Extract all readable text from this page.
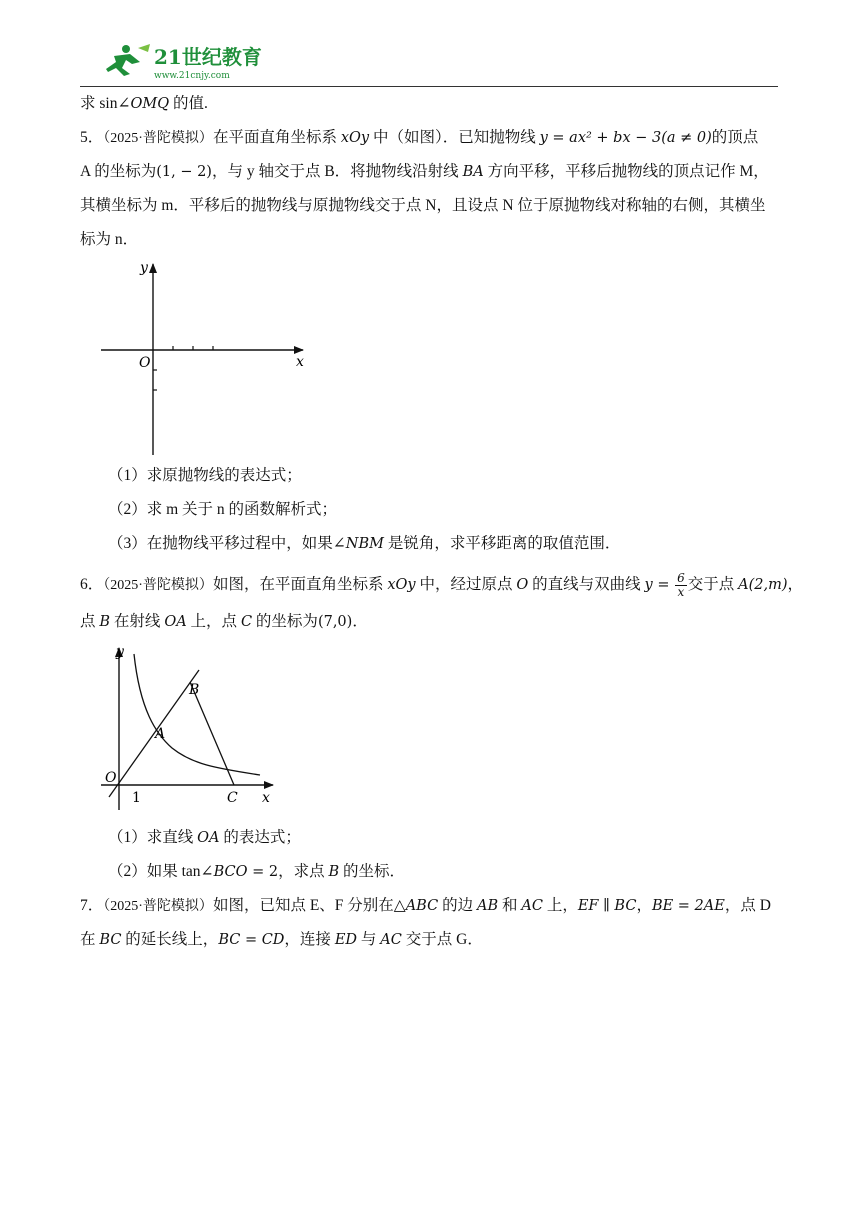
21世纪教育
www.21cnjy.com
求 sin∠OMQ 的值.
5．（2025·普陀模拟）在平面直角坐标系 xOy 中（如图）．已知抛物线 y = ax² + bx − 3(a ≠ 0)的顶点
A 的坐标为(1, − 2)，与 y 轴交于点 B．将抛物线沿射线 BA 方向平移，平移后抛物线的顶点记作 M，
其横坐标为 m．平移后的抛物线与原抛物线交于点 N，且设点 N 位于原抛物线对称轴的右侧，其横坐
标为 n．
y
x
O
（1）求原抛物线的表达式；
（2）求 m 关于 n 的函数解析式；
（3）在抛物线平移过程中，如果∠NBM 是锐角，求平移距离的取值范围．
6．（2025·普陀模拟）如图，在平面直角坐标系 xOy 中，经过原点 O 的直线与双曲线 $y = \frac{6}{x}$ 交于点 A(2,m)，
点 B 在射线 OA 上，点 C 的坐标为(7,0)．
y
x
O
1
A
B
C
（1）求直线 OA 的表达式；
（2）如果 tan∠BCO = 2，求点 B 的坐标．
7．（2025·普陀模拟）如图，已知点 E、F 分别在△ABC 的边 AB 和 AC 上，EF ∥ BC，BE = 2AE，点 D
在 BC 的延长线上，BC = CD，连接 ED 与 AC 交于点 G．
